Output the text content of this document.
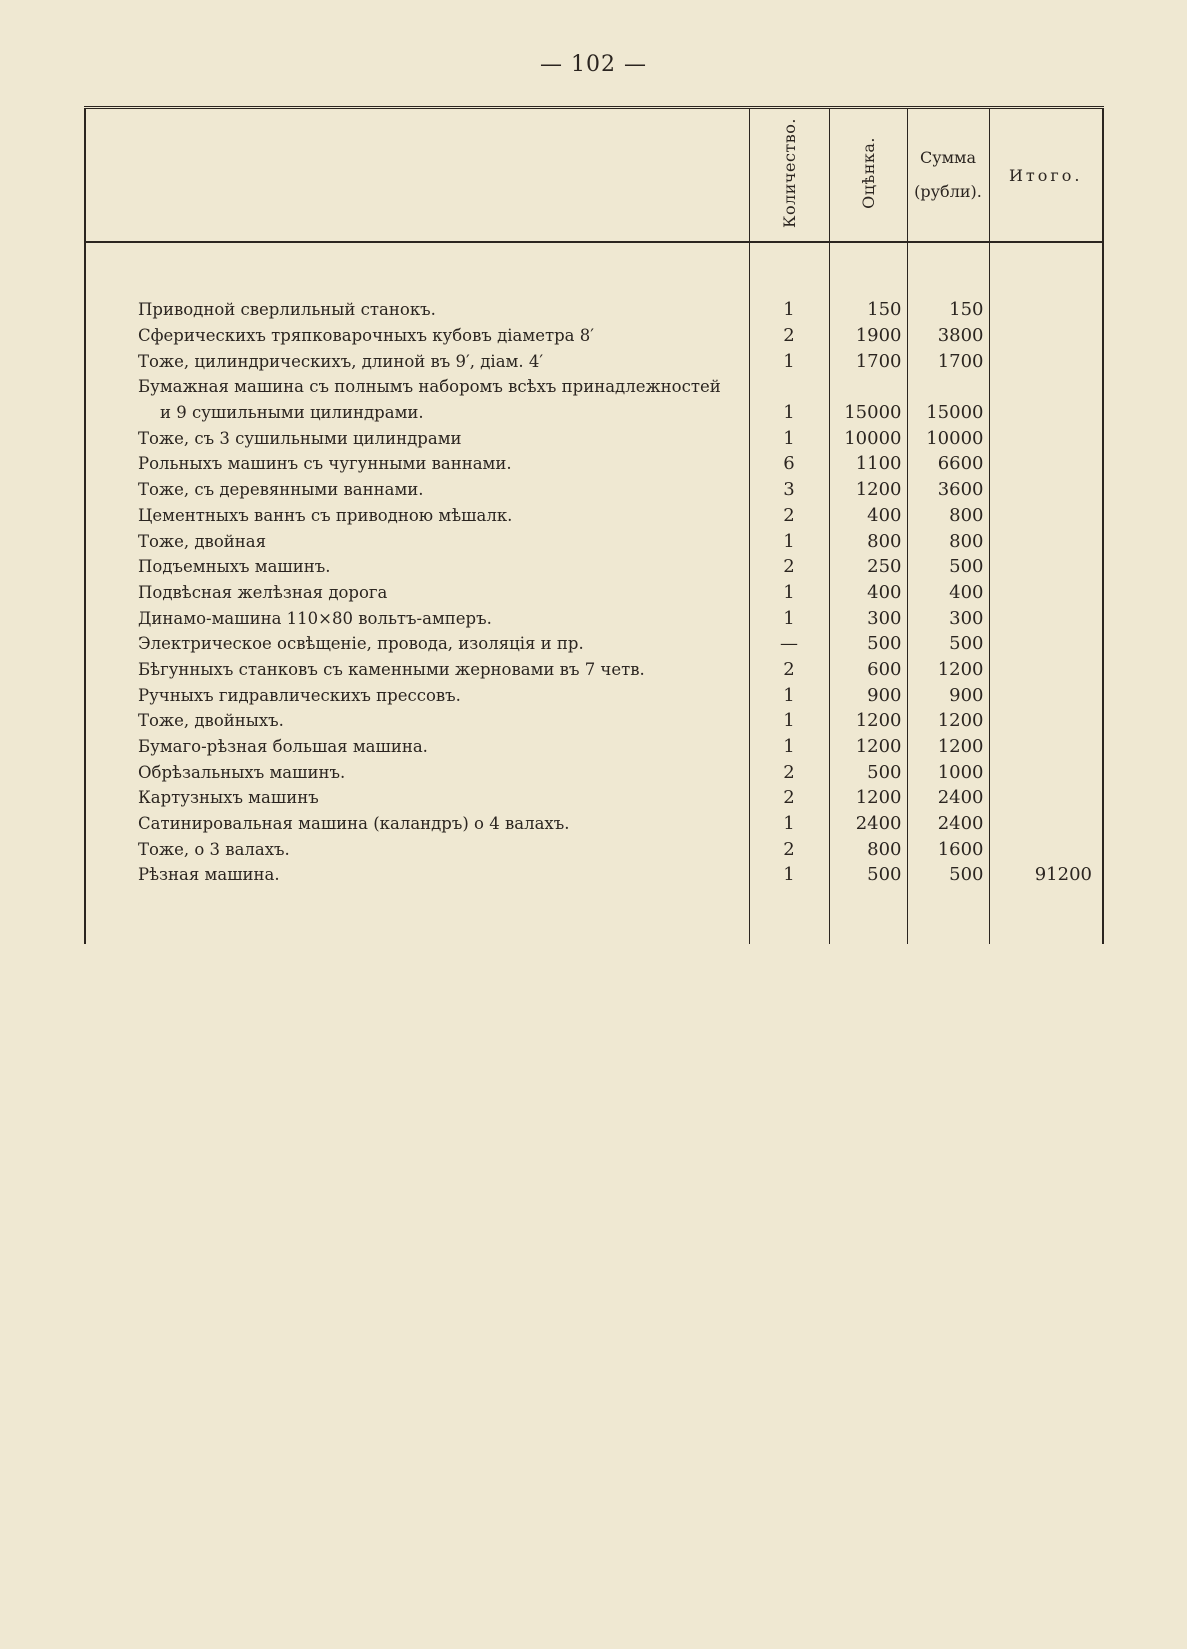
— 102 —
	Количество.	Оцѣнка.	Сумма (рубли).	Итого.

Приводной сверлильный станокъ.	1	150	150	

Сферическихъ тряпковарочныхъ кубовъ діаметра 8′	2	1900	3800	

Тоже, цилиндрическихъ, длиной въ 9′, діам. 4′	1	1700	1700	

Бумажная машина съ полнымъ наборомъ всѣхъ принадлежностей				

и 9 сушильными цилиндрами.	1	15000	15000	

Тоже, съ 3 сушильными цилиндрами	1	10000	10000	

Рольныхъ машинъ съ чугунными ваннами.	6	1100	6600	

Тоже, съ деревянными ваннами.	3	1200	3600	

Цементныхъ ваннъ съ приводною мѣшалк.	2	400	800	

Тоже, двойная	1	800	800	

Подъемныхъ машинъ.	2	250	500	

Подвѣсная желѣзная дорога	1	400	400	

Динамо-машина 110×80 вольтъ-амперъ.	1	300	300	

Электрическое освѣщеніе, провода, изоляція и пр.	—	500	500	

Бѣгунныхъ станковъ съ каменными жерновами въ 7 четв.	2	600	1200	

Ручныхъ гидравлическихъ прессовъ.	1	900	900	

Тоже, двойныхъ.	1	1200	1200	

Бумаго-рѣзная большая машина.	1	1200	1200	

Обрѣзальныхъ машинъ.	2	500	1000	

Картузныхъ машинъ	2	1200	2400	

Сатинировальная машина (каландръ) о 4 валахъ.	1	2400	2400	

Тоже, о 3 валахъ.	2	800	1600	

Рѣзная машина.	1	500	500	91200
